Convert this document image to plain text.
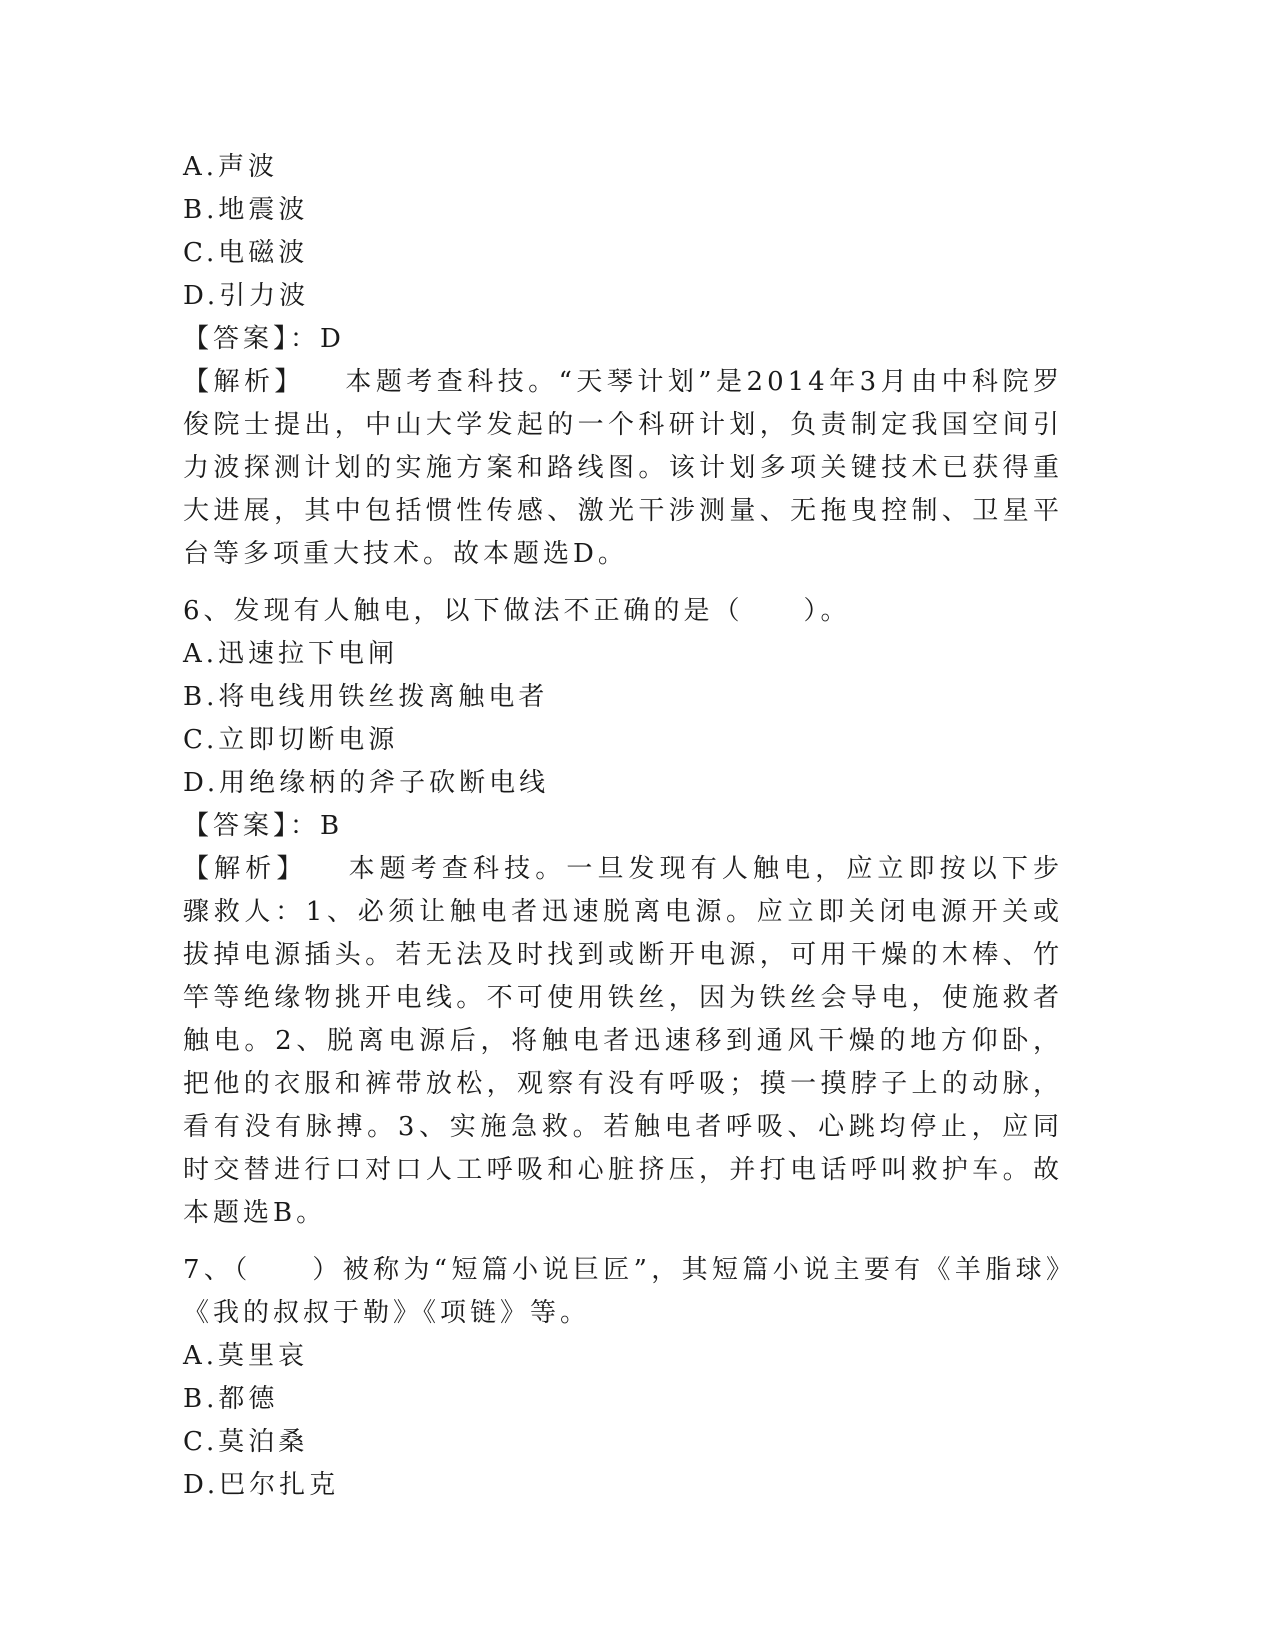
A.声波
B.地震波
C.电磁波
D.引力波
【答案】：D
【解析】 本题考查科技。“天琴计划”是2014年3月由中科院罗俊院士提出，中山大学发起的一个科研计划，负责制定我国空间引力波探测计划的实施方案和路线图。该计划多项关键技术已获得重大进展，其中包括惯性传感、激光干涉测量、无拖曳控制、卫星平台等多项重大技术。故本题选D。
6、发现有人触电，以下做法不正确的是（　　）。
A.迅速拉下电闸
B.将电线用铁丝拨离触电者
C.立即切断电源
D.用绝缘柄的斧子砍断电线
【答案】：B
【解析】 本题考查科技。一旦发现有人触电，应立即按以下步骤救人：1、必须让触电者迅速脱离电源。应立即关闭电源开关或拔掉电源插头。若无法及时找到或断开电源，可用干燥的木棒、竹竿等绝缘物挑开电线。不可使用铁丝，因为铁丝会导电，使施救者触电。2、脱离电源后，将触电者迅速移到通风干燥的地方仰卧，把他的衣服和裤带放松，观察有没有呼吸；摸一摸脖子上的动脉，看有没有脉搏。3、实施急救。若触电者呼吸、心跳均停止，应同时交替进行口对口人工呼吸和心脏挤压，并打电话呼叫救护车。故本题选B。
7、（　　）被称为“短篇小说巨匠”，其短篇小说主要有《羊脂球》《我的叔叔于勒》《项链》等。
A.莫里哀
B.都德
C.莫泊桑
D.巴尔扎克
